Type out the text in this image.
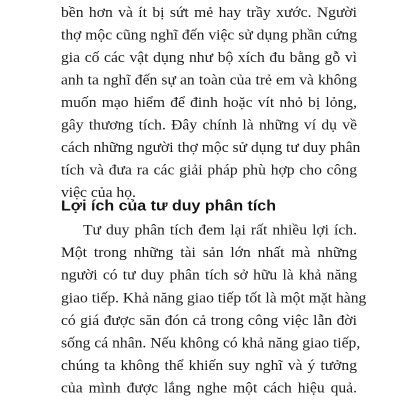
bền hơn và ít bị sứt mẻ hay trầy xước. Người
thợ mộc cũng nghĩ đến việc sử dụng phần cứng
gia cố các vật dụng như bộ xích đu bằng gỗ vì
anh ta nghĩ đến sự an toàn của trẻ em và không
muốn mạo hiểm để đinh hoặc vít nhỏ bị lỏng,
gây thương tích. Đây chính là những ví dụ về
cách những người thợ mộc sử dụng tư duy phân
tích và đưa ra các giải pháp phù hợp cho công
việc của họ.
Lợi ích của tư duy phân tích
Tư duy phân tích đem lại rất nhiều lợi ích.
Một trong những tài sản lớn nhất mà những
người có tư duy phân tích sở hữu là khả năng
giao tiếp. Khả năng giao tiếp tốt là một mặt hàng
có giá được săn đón cả trong công việc lẫn đời
sống cá nhân. Nếu không có khả năng giao tiếp,
chúng ta không thể khiến suy nghĩ và ý tưởng
của mình được lắng nghe một cách hiệu quả.
